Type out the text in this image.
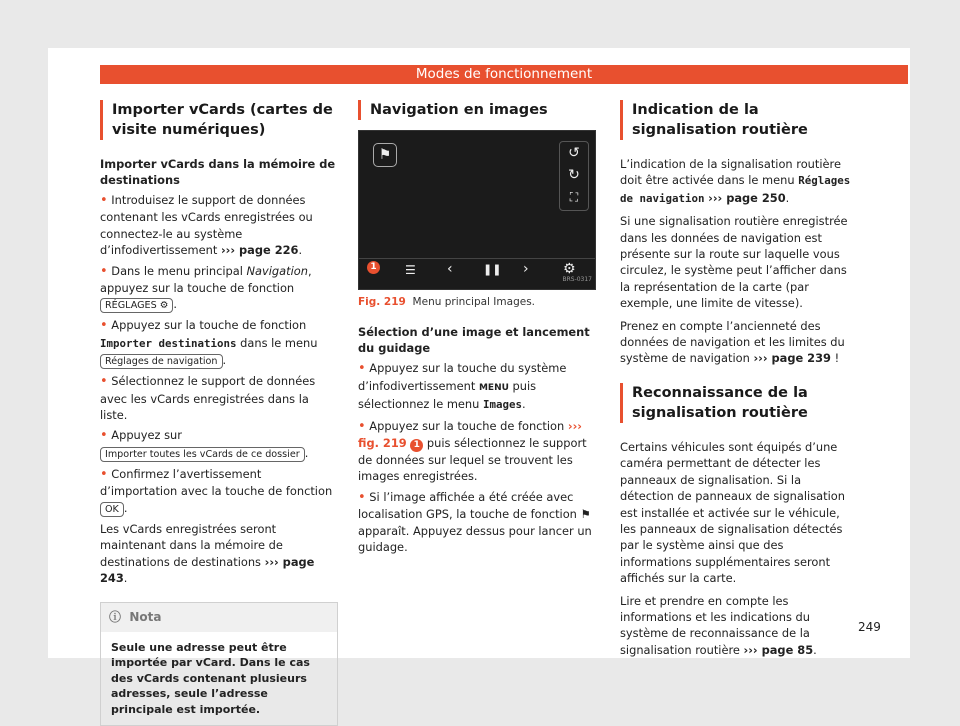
Modes de fonctionnement
Importer vCards (cartes de visite numériques)
Importer vCards dans la mémoire de destinations

• Introduisez le support de données contenant les vCards enregistrées ou connectez-le au système d’infodivertissement ››› page 226.

• Dans le menu principal Navigation, appuyez sur la touche de fonction RÉGLAGES ⚙ .

• Appuyez sur la touche de fonction Importer destinations dans le menu Réglages de navigation .

• Sélectionnez le support de données avec les vCards enregistrées dans la liste.

• Appuyez sur Importer toutes les vCards de ce dossier .

• Confirmez l’avertissement d’importation avec la touche de fonction OK .

Les vCards enregistrées seront maintenant dans la mémoire de destinations de destinations ››› page 243.

ⓘ Nota
Seule une adresse peut être importée par vCard. Dans le cas des vCards contenant plusieurs adresses, seule l’adresse principale est importée.
Navigation en images
⚑	↺
↻
⛶
1 ☰ ‹	❚❚ › ⚙
BRS-0317
Fig. 219 Menu principal Images.
Sélection d’une image et lancement du guidage

• Appuyez sur la touche du système d’infodivertissement MENU puis sélectionnez le menu Images.

• Appuyez sur la touche de fonction ››› fig. 219 1 puis sélectionnez le support de données sur lequel se trouvent les images enregistrées.

• Si l’image affichée a été créée avec localisation GPS, la touche de fonction ⚑ apparaît. Appuyez dessus pour lancer un guidage.

Indication de la signalisation routière

L’indication de la signalisation routière doit être activée dans le menu Réglages de navigation ››› page 250.

Si une signalisation routière enregistrée dans les données de navigation est présente sur la route sur laquelle vous circulez, le système peut l’afficher dans la représentation de la carte (par exemple, une limite de vitesse).

Prenez en compte l’ancienneté des données de navigation et les limites du système de navigation ››› page 239 !

Reconnaissance de la signalisation routière

Certains véhicules sont équipés d’une caméra permettant de détecter les panneaux de signalisation. Si la détection de panneaux de signalisation est installée et activée sur le véhicule, les panneaux de signalisation détectés par le système ainsi que des informations supplémentaires seront affichés sur la carte.

Lire et prendre en compte les informations et les indications du système de reconnaissance de la signalisation routière ››› page 85.

249
